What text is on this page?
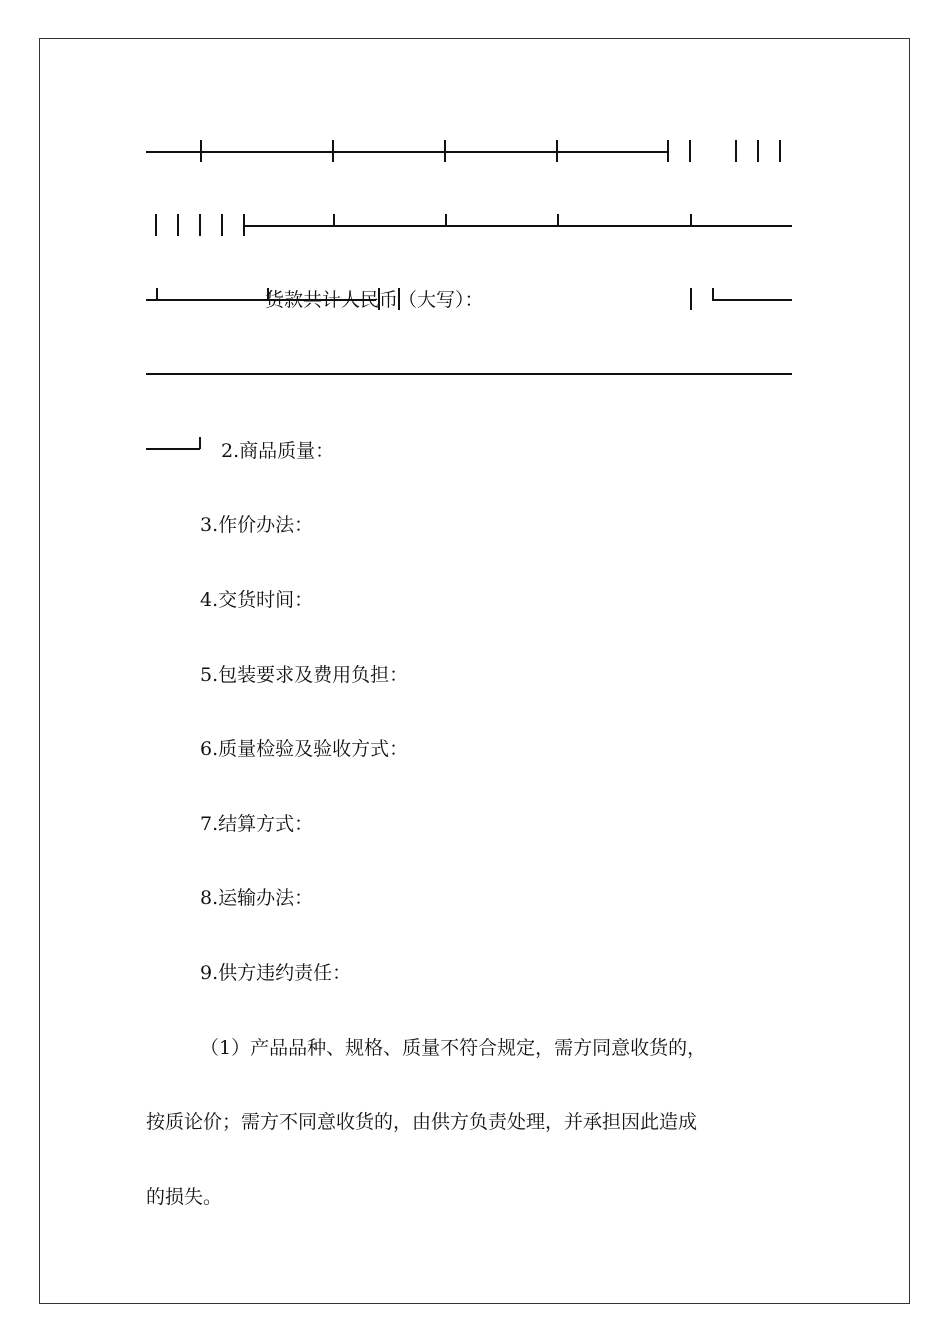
货款共计人民币（大写）：
2.商品质量：
3.作价办法：
4.交货时间：
5.包装要求及费用负担：
6.质量检验及验收方式：
7.结算方式：
8.运输办法：
9.供方违约责任：
（1）产品品种、规格、质量不符合规定，需方同意收货的，
按质论价；需方不同意收货的，由供方负责处理，并承担因此造成
的损失。
